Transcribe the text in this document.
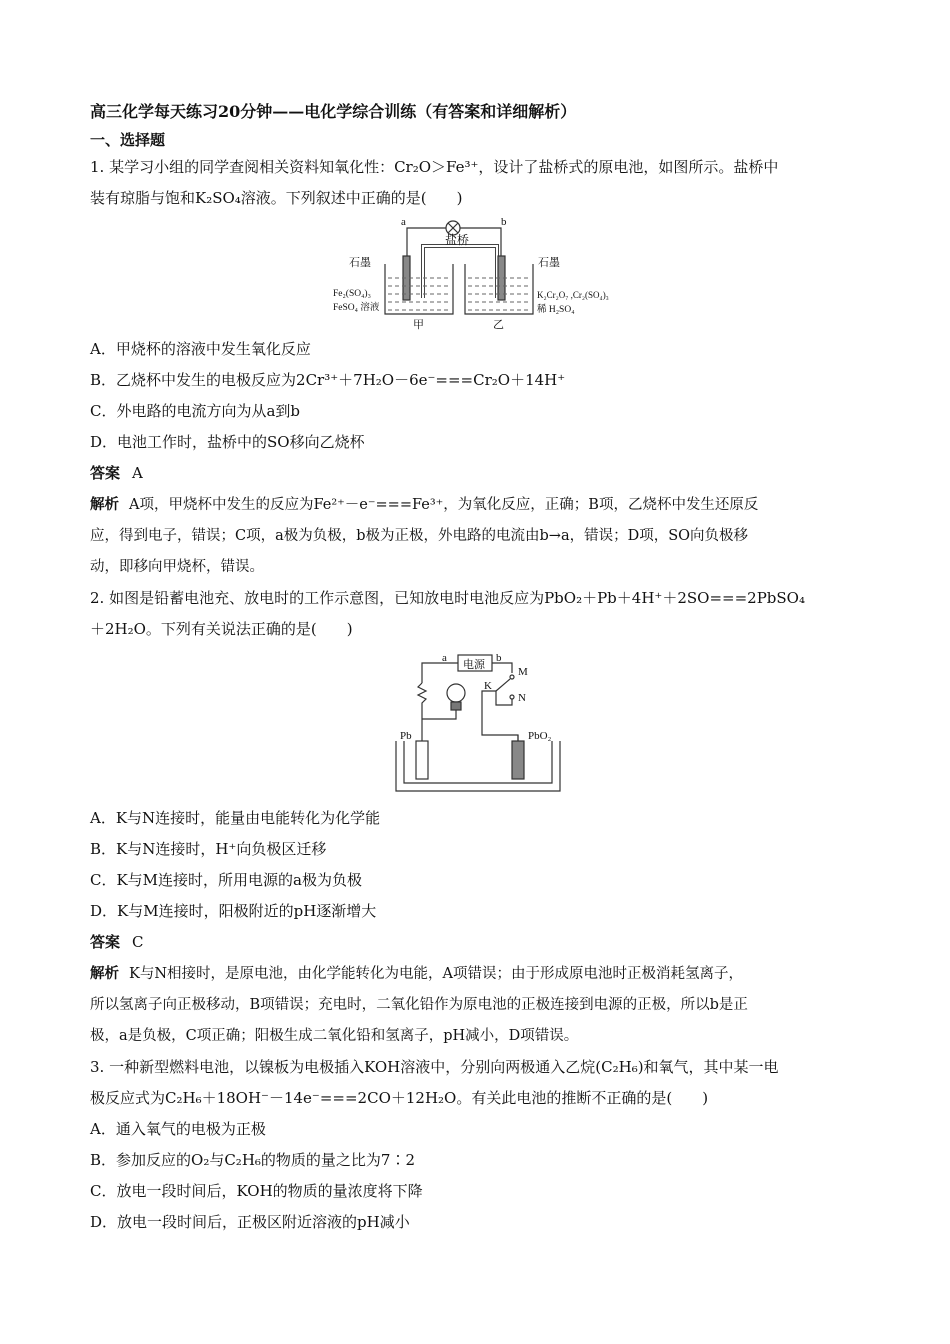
高三化学每天练习20分钟——电化学综合训练（有答案和详细解析）
一、选择题
1. 某学习小组的同学查阅相关资料知氧化性：Cr₂O＞Fe³⁺，设计了盐桥式的原电池，如图所示。盐桥中
装有琼脂与饱和K₂SO₄溶液。下列叙述中正确的是(　　)
a	b
盐桥
石墨	石墨
Fe₂(SO₄)₃
FeSO₄ 溶液
K₂Cr₂O₇ ,Cr₂(SO₄)₃
稀 H₂SO₄
甲	乙
A．甲烧杯的溶液中发生氧化反应
B．乙烧杯中发生的电极反应为2Cr³⁺＋7H₂O－6e⁻===Cr₂O＋14H⁺
C．外电路的电流方向为从a到b
D．电池工作时，盐桥中的SO移向乙烧杯
答案 A
解析 A项，甲烧杯中发生的反应为Fe²⁺－e⁻===Fe³⁺，为氧化反应，正确；B项，乙烧杯中发生还原反
应，得到电子，错误；C项，a极为负极，b极为正极，外电路的电流由b→a，错误；D项，SO向负极移
动，即移向甲烧杯，错误。
2. 如图是铅蓄电池充、放电时的工作示意图，已知放电时电池反应为PbO₂＋Pb＋4H⁺＋2SO===2PbSO₄
＋2H₂O。下列有关说法正确的是(　　)
a	b
电源
M
K
N
Pb	PbO₂
A．K与N连接时，能量由电能转化为化学能
B．K与N连接时，H⁺向负极区迁移
C．K与M连接时，所用电源的a极为负极
D．K与M连接时，阳极附近的pH逐渐增大
答案 C
解析 K与N相接时，是原电池，由化学能转化为电能，A项错误；由于形成原电池时正极消耗氢离子，
所以氢离子向正极移动，B项错误；充电时，二氧化铅作为原电池的正极连接到电源的正极，所以b是正
极，a是负极，C项正确；阳极生成二氧化铅和氢离子，pH减小，D项错误。
3. 一种新型燃料电池，以镍板为电极插入KOH溶液中，分别向两极通入乙烷(C₂H₆)和氧气，其中某一电
极反应式为C₂H₆＋18OH⁻－14e⁻===2CO＋12H₂O。有关此电池的推断不正确的是(　　)
A．通入氧气的电极为正极
B．参加反应的O₂与C₂H₆的物质的量之比为7∶2
C．放电一段时间后，KOH的物质的量浓度将下降
D．放电一段时间后，正极区附近溶液的pH减小
